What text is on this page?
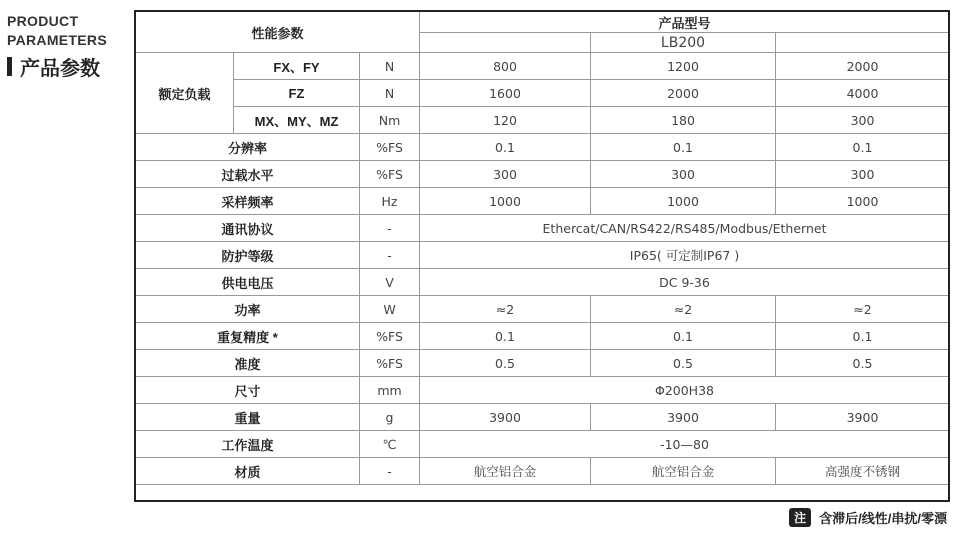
PRODUCT
PARAMETERS
产品参数
性能参数			产品型号		
				LB200	
额定负载	FX、FY	N	800	1200	2000
	FZ	N	1600	2000	4000
	MX、MY、MZ	Nm	120	180	300
分辨率		%FS	0.1	0.1	0.1
过载水平		%FS	300	300	300
采样频率		Hz	1000	1000	1000
通讯协议		-	Ethercat/CAN/RS422/RS485/Modbus/Ethernet		
防护等级		-	IP65( 可定制IP67 )		
供电电压		V	DC 9-36		
功率		W	≈2	≈2	≈2
重复精度 *		%FS	0.1	0.1	0.1
准度		%FS	0.5	0.5	0.5
尺寸		mm	Φ200H38		
重量		g	3900	3900	3900
工作温度		℃	-10—80		
材质		-	航空铝合金	航空铝合金	高强度不锈钢
注	含滞后/线性/串扰/零漂
